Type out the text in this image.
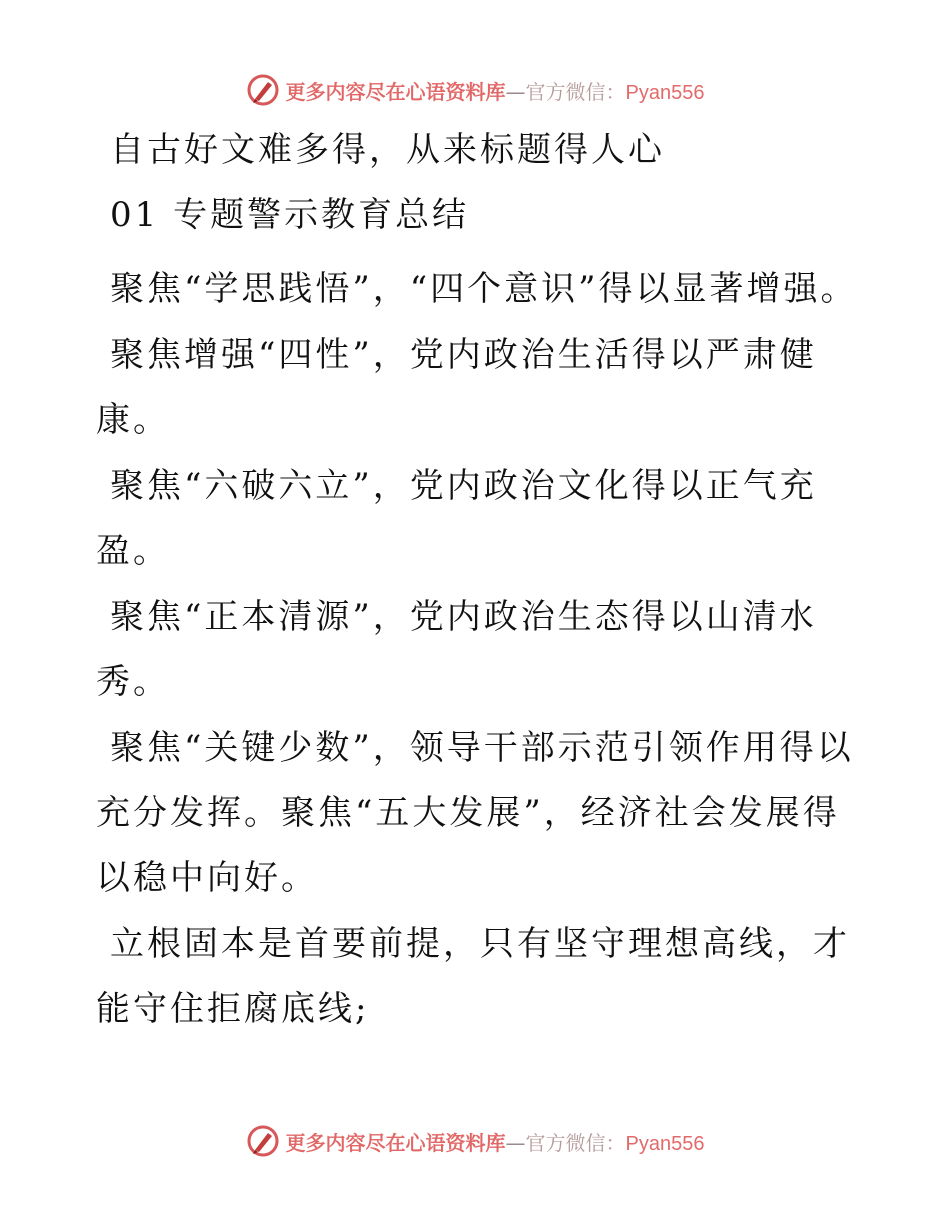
更多内容尽在心语资料库—官方微信：Pyan556

自古好文难多得，从来标题得人心

01 专题警示教育总结

聚焦“学思践悟”，“四个意识”得以显著增强。

聚焦增强“四性”，党内政治生活得以严肃健康。

聚焦“六破六立”，党内政治文化得以正气充盈。

聚焦“正本清源”，党内政治生态得以山清水秀。

聚焦“关键少数”，领导干部示范引领作用得以充分发挥。聚焦“五大发展”，经济社会发展得以稳中向好。

立根固本是首要前提，只有坚守理想高线，才能守住拒腐底线;

更多内容尽在心语资料库—官方微信：Pyan556
